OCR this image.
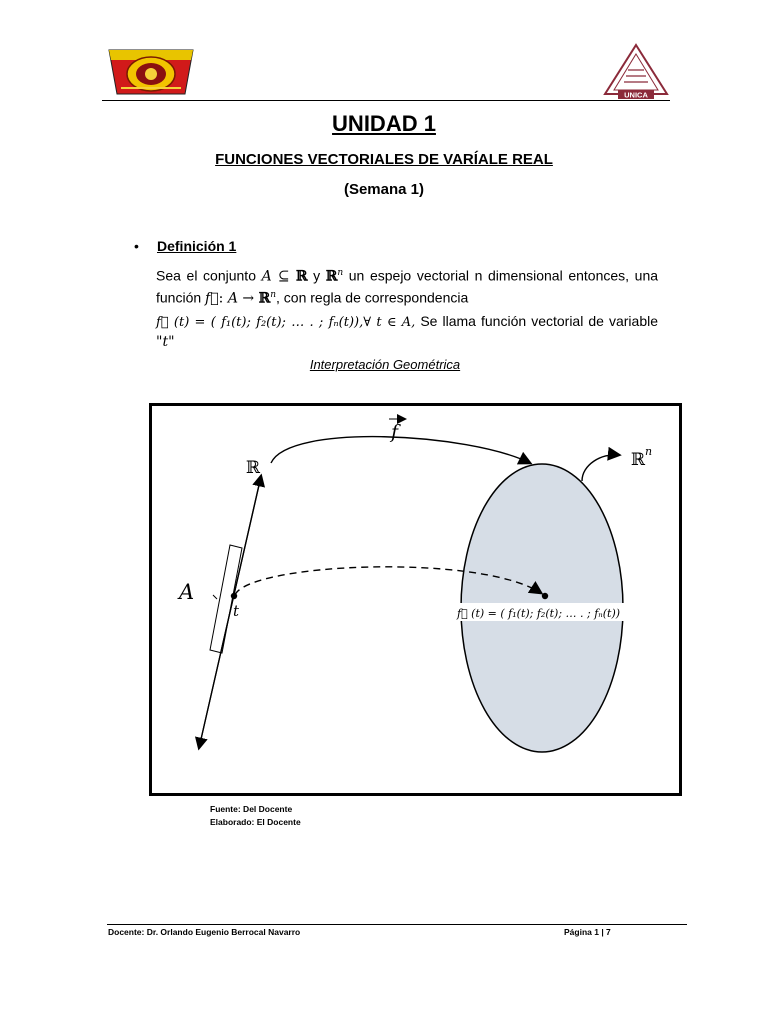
UNICA
UNIDAD 1
FUNCIONES VECTORIALES DE VARÍALE REAL
(Semana 1)
• Definición 1
Sea el conjunto A ⊆ ℝ y ℝ$^n$ un espejo vectorial n dimensional entonces, una
función f⃗: A → ℝ$^n$, con regla de correspondencia
f⃗ (t) = ( f₁(t); f₂(t); … . ; fₙ(t)),∀ t ∈ A, Se llama función vectorial de variable
"t"
Interpretación Geométrica
f⃗ (t) = ( f₁(t); f₂(t); … . ; fₙ(t))
f
ℝ	ℝ n
A
t
Fuente: Del Docente
Elaborado: El Docente
Docente: Dr. Orlando Eugenio Berrocal Navarro	Página 1 | 7
